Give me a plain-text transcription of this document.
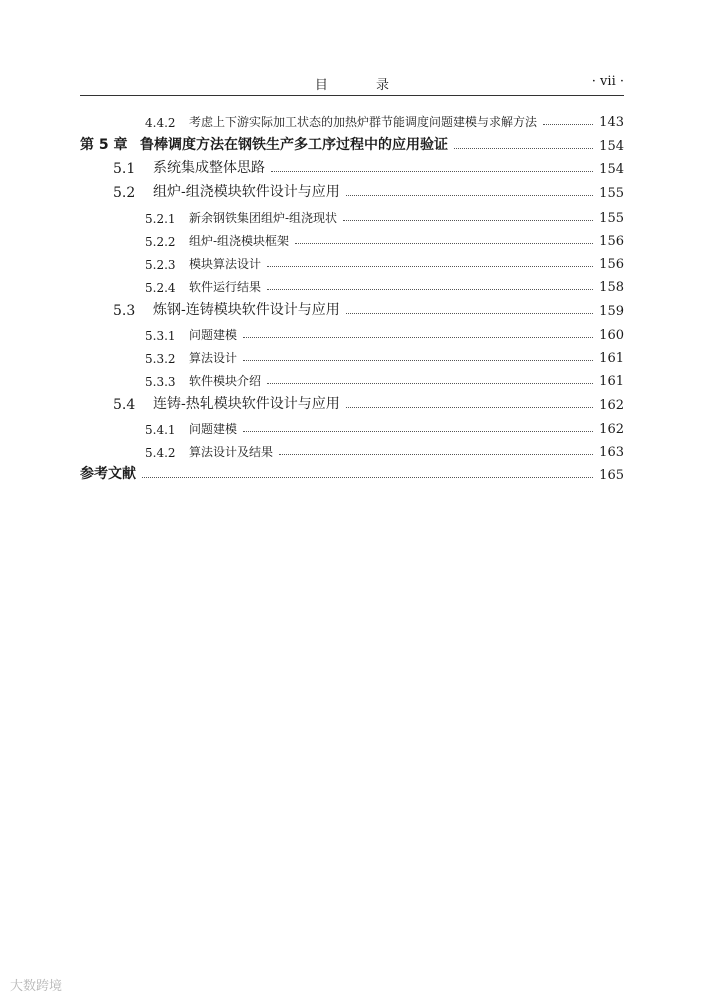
目 录	· vii ·
4.4.2	考虑上下游实际加工状态的加热炉群节能调度问题建模与求解方法	143
第 5 章 鲁棒调度方法在钢铁生产多工序过程中的应用验证	154
5.1	系统集成整体思路	154
5.2	组炉-组浇模块软件设计与应用	155
5.2.1	新余钢铁集团组炉-组浇现状	155
5.2.2	组炉-组浇模块框架	156
5.2.3	模块算法设计	156
5.2.4	软件运行结果	158
5.3	炼钢-连铸模块软件设计与应用	159
5.3.1	问题建模	160
5.3.2	算法设计	161
5.3.3	软件模块介绍	161
5.4	连铸-热轧模块软件设计与应用	162
5.4.1	问题建模	162
5.4.2	算法设计及结果	163
参考文献	165
大数跨境
